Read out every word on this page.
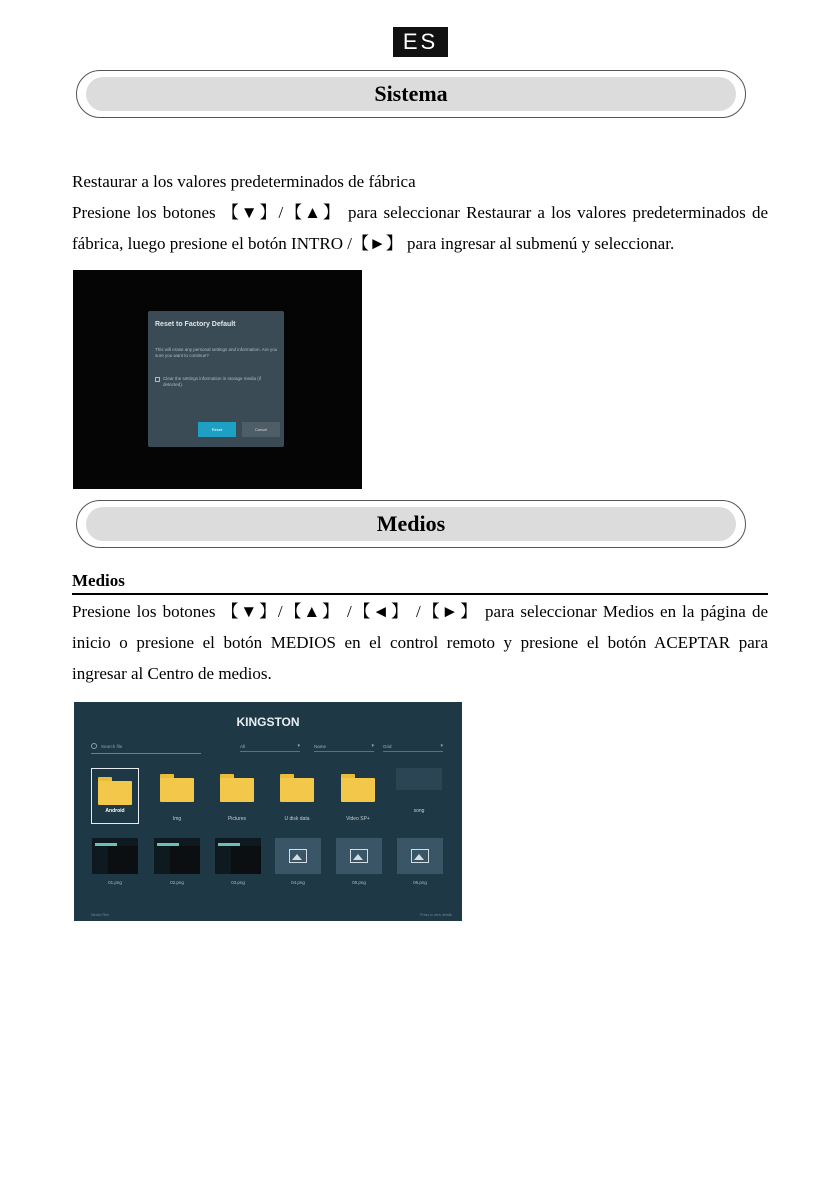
ES
Sistema
Restaurar a los valores predeterminados de fábrica
Presione los botones 【▼】/【▲】 para seleccionar Restaurar a los valores predeterminados de
fábrica, luego presione el botón INTRO /【►】 para ingresar al submenú y seleccionar.
Reset to Factory Default
This will erase any personal settings and information. Are you sure you want to continue?
Clear the settings information in storage media (if detected).
Reset	Cancel
Medios
Medios
Presione los botones 【▼】/【▲】 /【◄】 /【►】 para seleccionar Medios en la página de
inicio o presione el botón MEDIOS en el control remoto y presione el botón ACEPTAR para
ingresar al Centro de medios.
KINGSTON
Search file	All	▾	Name	▾ Grid	▾
Android
Img	Pictures	U disk data	Video SP+
song
01.png	02.png	03.png	04.png	05.png	06.png
Media Files	Press to view details
